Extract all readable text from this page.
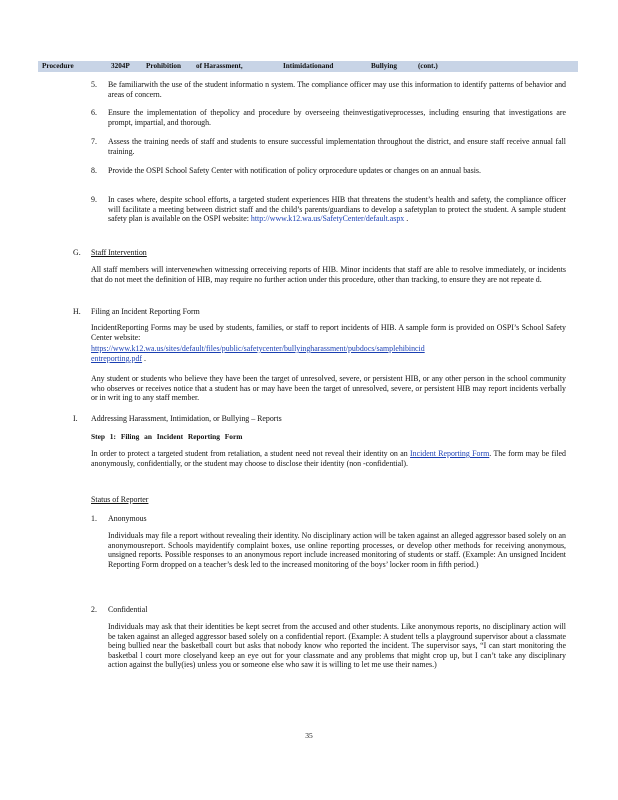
Procedure	3204P Prohibition of Harassment,	Intimidationand	Bullying	(cont.)
5. Be familiarwith the use of the student informatio n system. The compliance officer may use this information to identify patterns of behavior and areas of concern.
6. Ensure the implementation of thepolicy and procedure by overseeing theinvestigativeprocesses, including ensuring that investigations are prompt, impartial, and thorough.
7. Assess the training needs of staff and students to ensure successful implementation throughout the district, and ensure staff receive annual fall training.
8. Provide the OSPI School Safety Center with notification of policy orprocedure updates or changes on an annual basis.
9. In cases where, despite school efforts, a targeted student experiences HIB that threatens the student’s health and safety, the compliance officer will facilitate a meeting between district staff and the child’s parents/guardians to develop a safetyplan to protect the student. A sample student safety plan is available on the OSPI website: http://www.k12.wa.us/SafetyCenter/default.aspx .
G. Staff Intervention
All staff members will intervenewhen witnessing orreceiving reports of HIB. Minor incidents that staff are able to resolve immediately, or incidents that do not meet the definition of HIB, may require no further action under this procedure, other than tracking, to ensure they are not repeate d.
H. Filing an Incident Reporting Form
IncidentReporting Forms may be used by students, families, or staff to report incidents of HIB. A sample form is provided on OSPI’s School Safety Center website:
https://www.k12.wa.us/sites/default/files/public/safetycenter/bullyingharassment/pubdocs/samplehibincid
entreporting.pdf .
Any student or students who believe they have been the target of unresolved, severe, or persistent HIB, or any other person in the school community who observes or receives notice that a student has or may have been the target of unresolved, severe, or persistent HIB may report incidents verbally or in writ ing to any staff member.
I. Addressing Harassment, Intimidation, or Bullying – Reports
Step 1: Filing an Incident Reporting Form
In order to protect a targeted student from retaliation, a student need not reveal their identity on an Incident Reporting Form. The form may be filed anonymously, confidentially, or the student may choose to disclose their identity (non -confidential).
Status of Reporter
1. Anonymous
Individuals may file a report without revealing their identity. No disciplinary action will be taken against an alleged aggressor based solely on an anonymousreport. Schools mayidentify complaint boxes, use online reporting processes, or develop other methods for receiving anonymous, unsigned reports. Possible responses to an anonymous report include increased monitoring of students or staff. (Example: An unsigned Incident Reporting Form dropped on a teacher’s desk led to the increased monitoring of the boys’ locker room in fifth period.)
2. Confidential
Individuals may ask that their identities be kept secret from the accused and other students. Like anonymous reports, no disciplinary action will be taken against an alleged aggressor based solely on a confidential report. (Example: A student tells a playground supervisor about a classmate being bullied near the basketball court but asks that nobody know who reported the incident. The supervisor says, “I can start monitoring the basketbal l court more closelyand keep an eye out for your classmate and any problems that might crop up, but I can’t take any disciplinary action against the bully(ies) unless you or someone else who saw it is willing to let me use their names.)
35
